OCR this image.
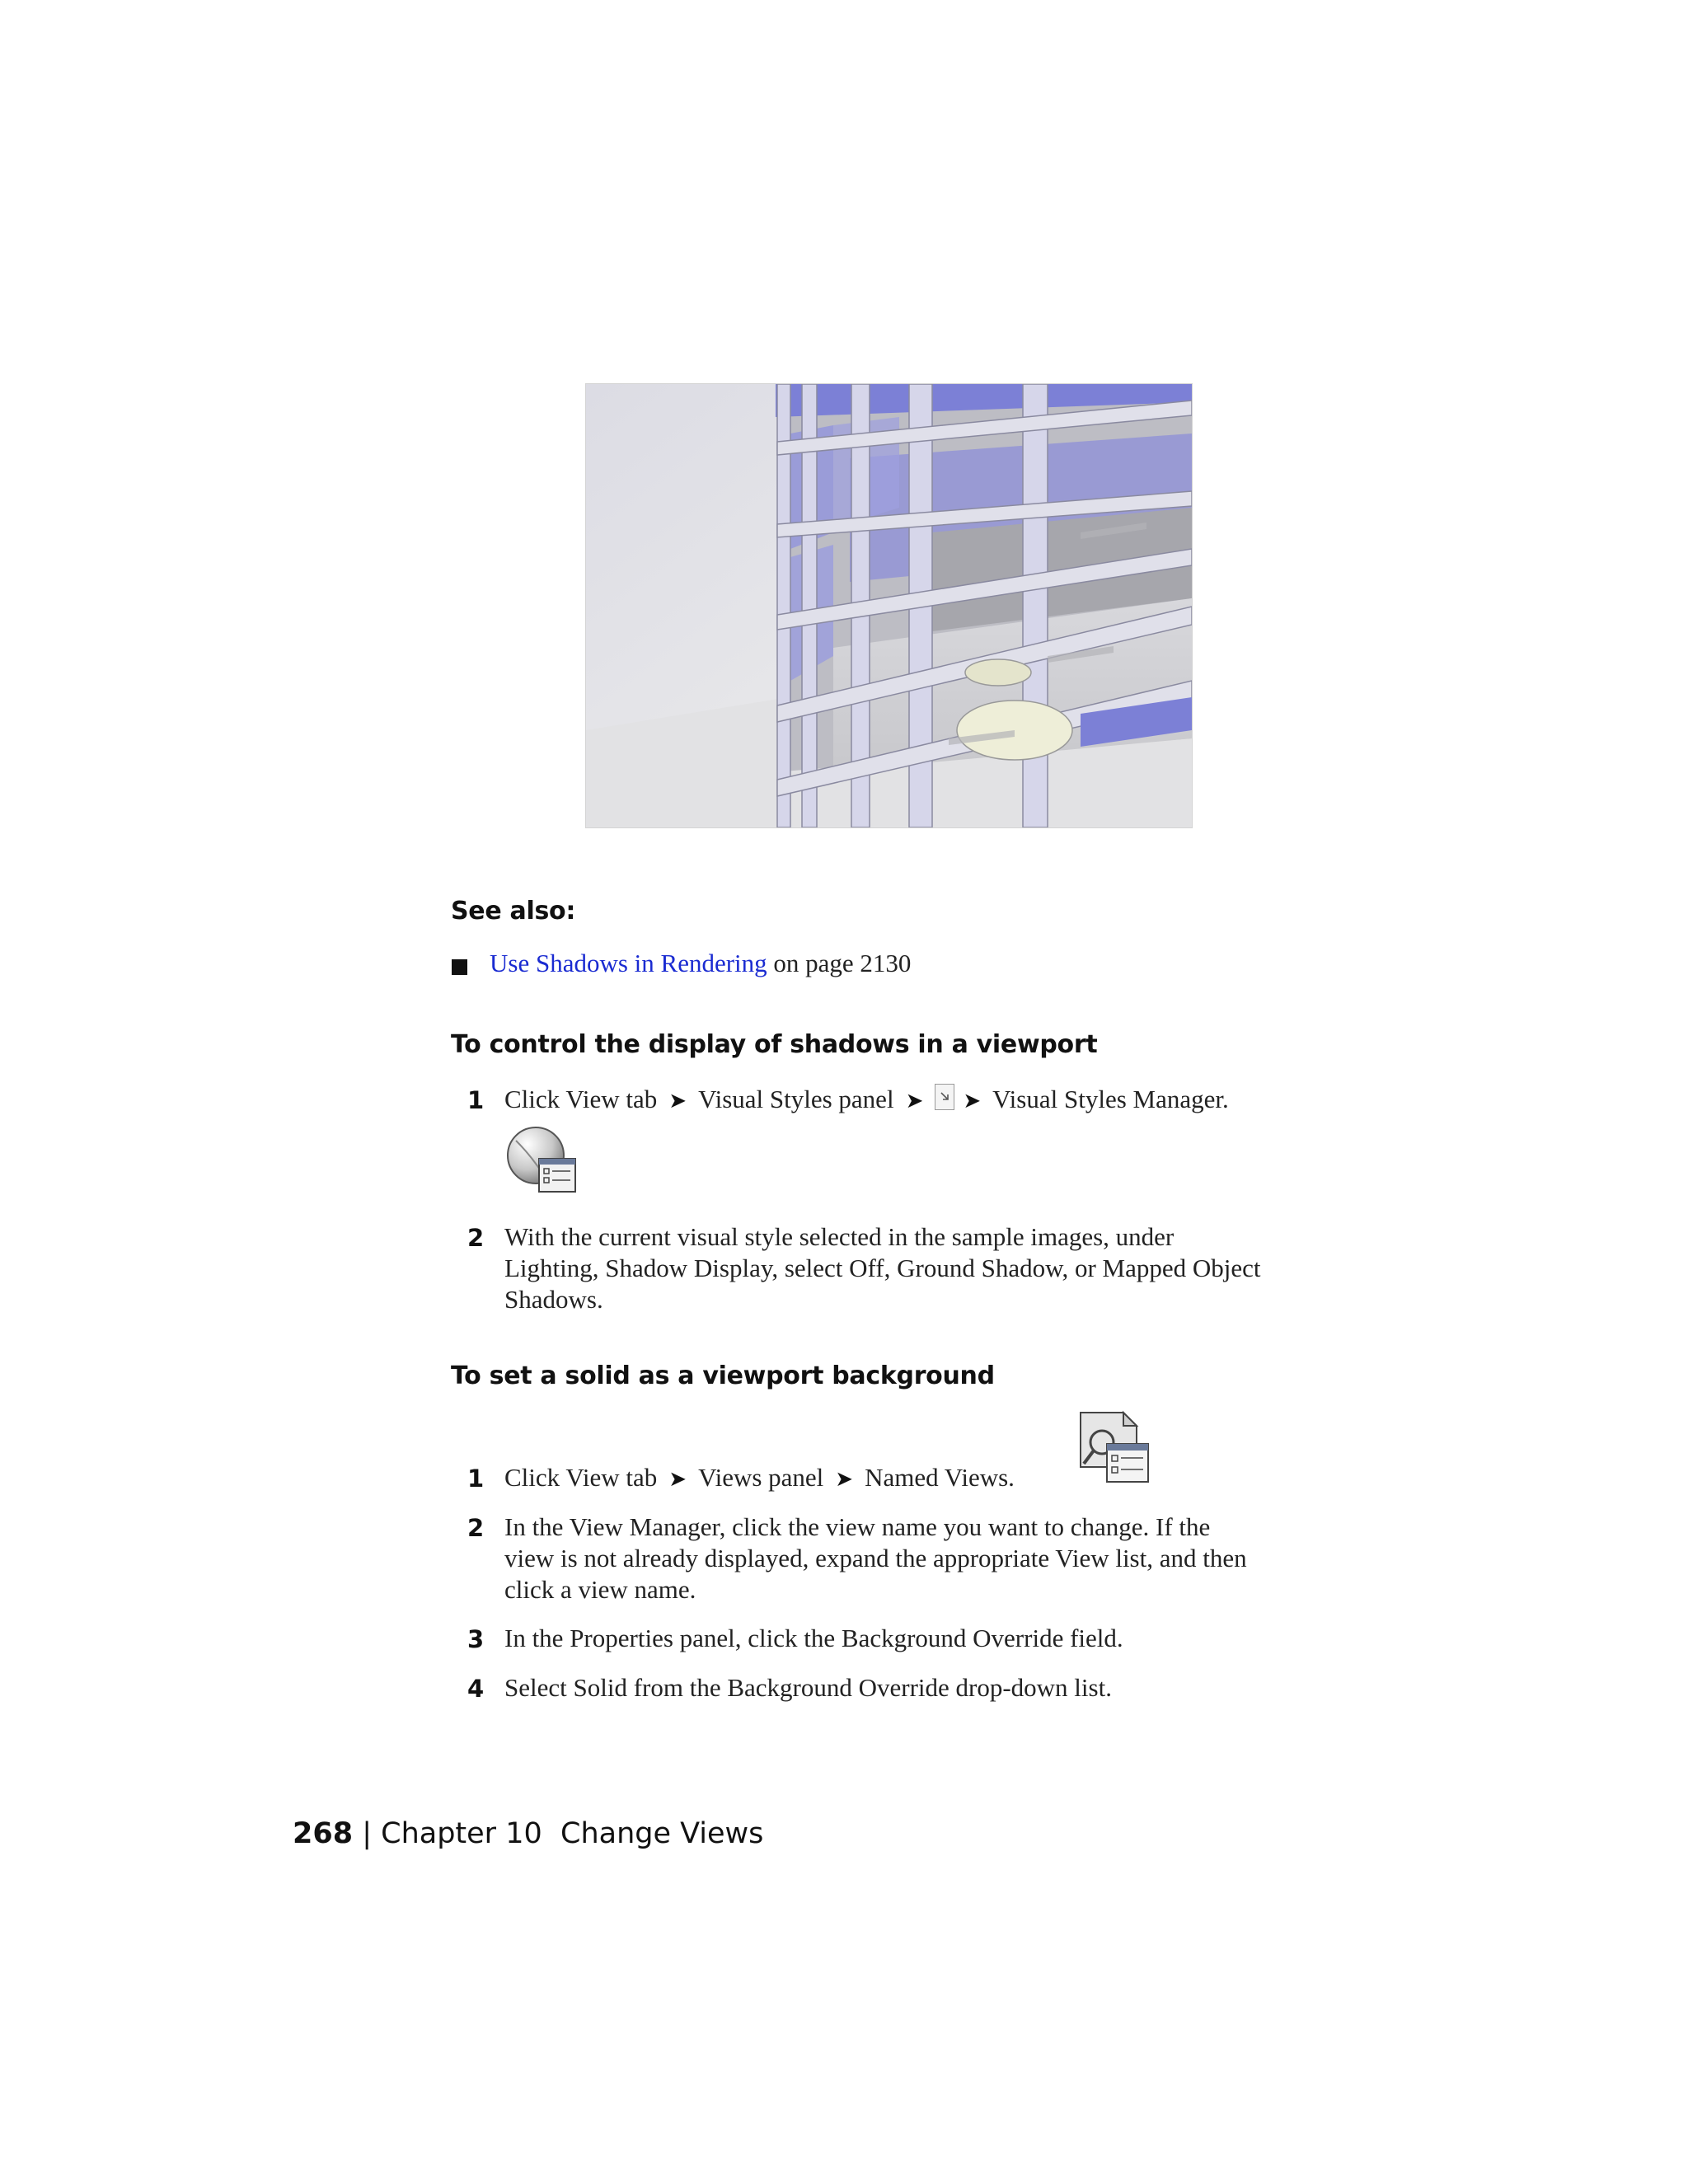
See also:
Use Shadows in Rendering on page 2130
To control the display of shadows in a viewport
1 Click View tab ➤ Visual Styles panel ➤ ➤ Visual Styles Manager.
2 With the current visual style selected in the sample images, under
Lighting, Shadow Display, select Off, Ground Shadow, or Mapped Object
Shadows.
To set a solid as a viewport background
1 Click View tab ➤ Views panel ➤ Named Views.
2 In the View Manager, click the view name you want to change. If the
view is not already displayed, expand the appropriate View list, and then
click a view name.
3 In the Properties panel, click the Background Override field.
4 Select Solid from the Background Override drop-down list.
268 | Chapter 10 Change Views
